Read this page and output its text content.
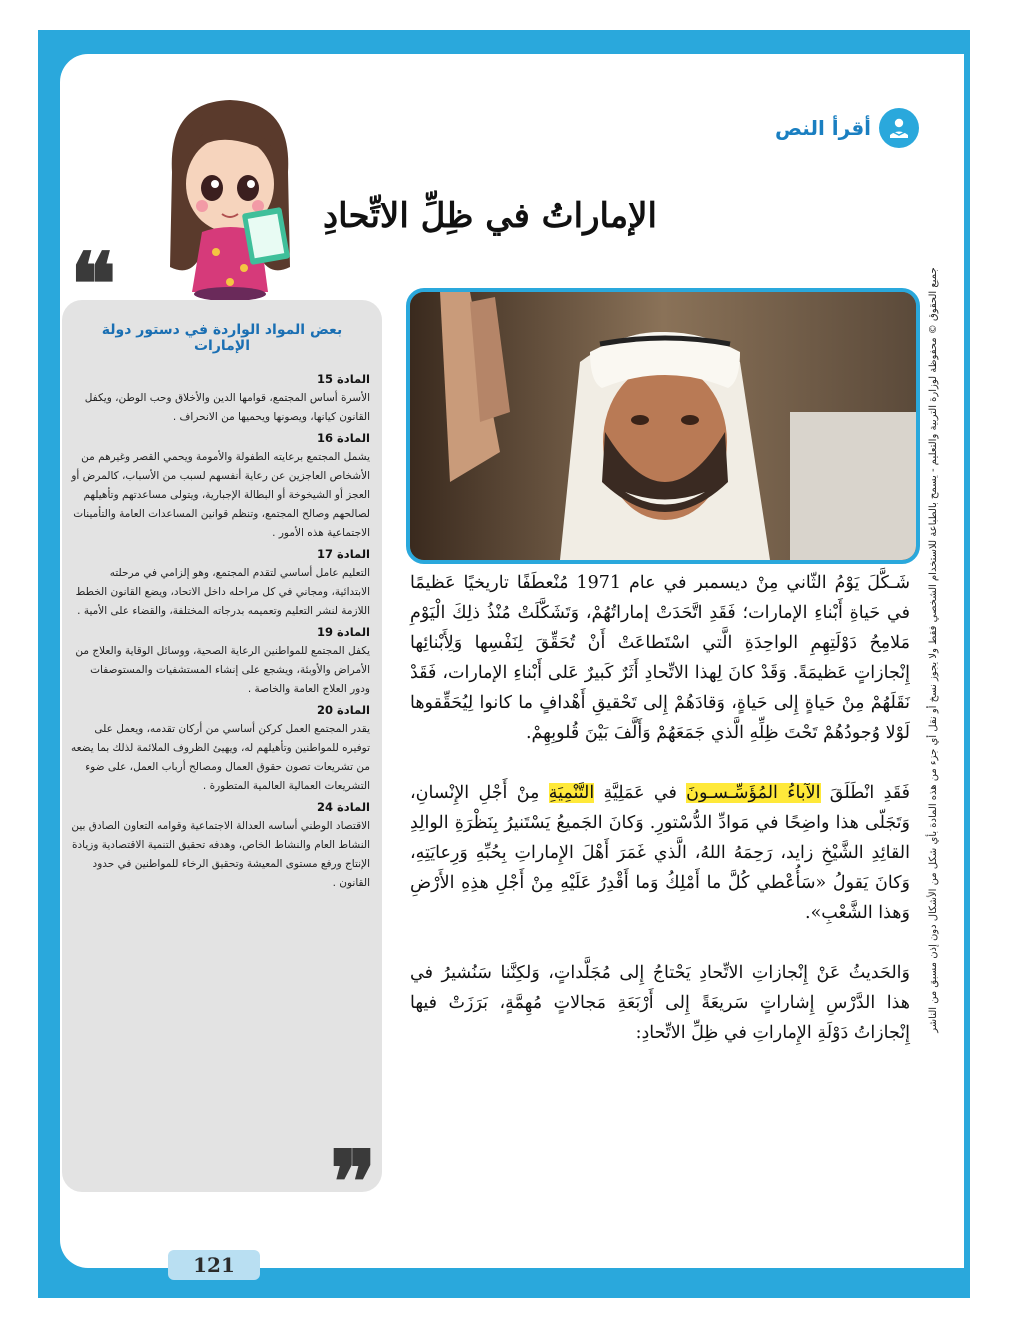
121
جميع الحقوق © محفوظة لوزارة التربية والتعليم - يسمح بالطباعة للاستخدام الشخصي فقط ولا يجوز نسخ أو نقل أي جزء من هذه المادة بأي شكل من الأشكال دون إذن مسبق من الناشر
أقرأ النص
الإماراتُ في ظِلِّ الاتِّحادِ
❝
❞
بعض المواد الواردة في دستور دولة الإمارات
المادة 15
الأسرة أساس المجتمع، قوامها الدين والأخلاق وحب الوطن، ويكفل القانون كيانها، ويصونها ويحميها من الانحراف .
المادة 16
يشمل المجتمع برعايته الطفولة والأمومة ويحمي القصر وغيرهم من الأشخاص العاجزين عن رعاية أنفسهم لسبب من الأسباب، كالمرض أو العجز أو الشيخوخة أو البطالة الإجبارية، ويتولى مساعدتهم وتأهيلهم لصالحهم وصالح المجتمع، وتنظم قوانين المساعدات العامة والتأمينات الاجتماعية هذه الأمور .
المادة 17
التعليم عامل أساسي لتقدم المجتمع، وهو إلزامي في مرحلته الابتدائية، ومجاني في كل مراحله داخل الاتحاد، ويضع القانون الخطط اللازمة لنشر التعليم وتعميمه بدرجاته المختلفة، والقضاء على الأمية .
المادة 19
يكفل المجتمع للمواطنين الرعاية الصحية، ووسائل الوقاية والعلاج من الأمراض والأوبئة، ويشجع على إنشاء المستشفيات والمستوصفات ودور العلاج العامة والخاصة .
المادة 20
يقدر المجتمع العمل كركن أساسي من أركان تقدمه، ويعمل على توفيره للمواطنين وتأهيلهم له، ويهيئ الظروف الملائمة لذلك بما يضعه من تشريعات تصون حقوق العمال ومصالح أرباب العمل، على ضوء التشريعات العمالية العالمية المتطورة .
المادة 24
الاقتصاد الوطني أساسه العدالة الاجتماعية وقوامه التعاون الصادق بين النشاط العام والنشاط الخاص، وهدفه تحقيق التنمية الاقتصادية وزيادة الإنتاج ورفع مستوى المعيشة وتحقيق الرخاء للمواطنين في حدود القانون .

شَـكَّلَ يَوْمُ الثّاني مِنْ ديسمبر في عام 1971 مُنْعطَفًا تاريخيًا عَظيمًا في حَياةِ أَبْناءِ الإمارات؛ فَقَدِ اتَّحَدَتْ إماراتُهُمْ، وَتَشَكَّلَتْ مُنْذُ ذلِكَ الْيَوْمِ مَلامِحُ دَوْلَتِهِمِ الواحِدَةِ الَّتي اسْتَطاعَتْ أَنْ تُحَقِّقَ لِنَفْسِها وَلِأَبْنائِها إِنْجازاتٍ عَظيمَةً. وَقَدْ كانَ لِهذا الاتِّحادِ أَثَرٌ كَبيرٌ عَلى أَبْناءِ الإمارات، فَقَدْ نَقَلَهُمْ مِنْ حَياةٍ إِلى حَياةٍ، وَقادَهُمْ إِلى تَحْقيقِ أَهْدافٍ ما كانوا لِيُحَقِّقوها لَوْلا وُجودُهُمْ تَحْتَ ظِلِّهِ الَّذي جَمَعَهُمْ وَأَلَّفَ بَيْنَ قُلوبِهِمْ.

فَقَدِ انْطَلَقَ الآباءُ المُؤَسِّـسـونَ في عَمَلِيَّةِ التَّنْمِيَةِ مِنْ أَجْلِ الإِنْسانِ، وَتَجَلّى هذا واضِحًا في مَوادِّ الدُّسْتورِ. وَكانَ الجَميعُ يَسْتَنيرُ بِنَظْرَةِ الوالِدِ القائِدِ الشَّيْخِ زايد، رَحِمَهُ اللهُ، الَّذي غَمَرَ أَهْلَ الإِماراتِ بِحُبِّهِ وَرِعايَتِهِ، وَكانَ يَقولُ «سَأُعْطي كُلَّ ما أَمْلِكُ وَما أَقْدِرُ عَلَيْهِ مِنْ أَجْلِ هذِهِ الأَرْضِ وَهذا الشَّعْبِ».

وَالحَديثُ عَنْ إِنْجازاتِ الاتِّحادِ يَحْتاجُ إِلى مُجَلَّداتٍ، وَلكِنَّنا سَنُشيرُ في هذا الدَّرْسِ إِشاراتٍ سَريعَةً إِلى أَرْبَعَةِ مَجالاتٍ مُهِمَّةٍ، بَرَزَتْ فيها إِنْجازاتُ دَوْلَةِ الإِماراتِ في ظِلِّ الاتِّحادِ:
